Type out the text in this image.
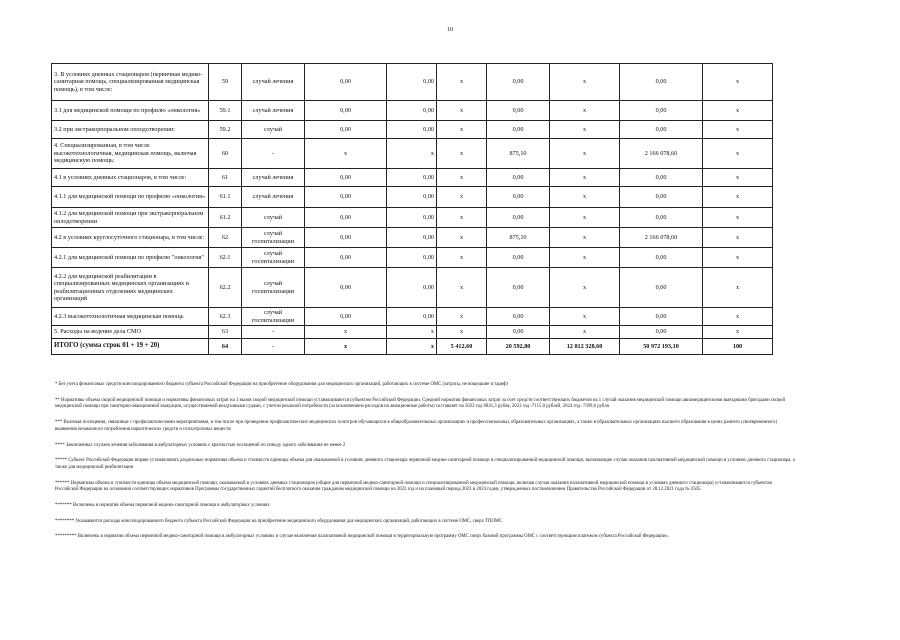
10
3. В условиях дневных стационаров (первичная медико-санитарная помощь, специализированная медицинская помощь), в том числе:	59	случай лечения	0,00	0,00	x	0,00	x	0,00	x
3.1 для медицинской помощи по профилю «онкология»	59.1	случай лечения	0,00	0,00	x	0,00	x	0,00	x
3.2 при экстракорпоральном оплодотворении:	59.2	случай	0,00	0,00	x	0,00	x	0,00	x
4. Специализированная, в том числе высокотехнологичная, медицинская помощь, включая медицинскую помощь:	60	-	x	x	x	875,10	x	2 166 078,60	x
4.1 в условиях дневных стационаров, в том числе:	61	случай лечения	0,00	0,00	x	0,00	x	0,00	x
4.1.1 для медицинской помощи по профилю «онкология»	61.1	случай лечения	0,00	0,00	x	0,00	x	0,00	x
4.1.2 для медицинской помощи при экстракорпоральном оплодотворении	61.2	случай	0,00	0,00	x	0,00	x	0,00	x
4.2 в условиях круглосуточного стационара, в том числе:	62	случай госпитализации	0,00	0,00	x	875,10	x	2 166 078,60	x
4.2.1 для медицинской помощи по профилю "онкология"	62.1	случай госпитализации	0,00	0,00	x	0,00	x	0,00	x
4.2.2 для медицинской реабилитации в специализированных медицинских организациях и реабилитационных отделениях медицинских организаций	62.2	случай госпитализации	0,00	0,00	x	0,00	x	0,00	x
4.2.3 высокотехнологичная медицинская помощь	62.3	случай госпитализации	0,00	0,00	x	0,00	x	0,00	x
5. Расходы на ведение дела СМО	63	-	x	x	x	0,00	x	0,00	x
ИТОГО (сумма строк 01 + 19 + 20)	64	-	x	x	5 412,60	20 592,80	12 812 328,60	50 972 193,10	100
* Без учета финансовых средств консолидированного бюджета субъекта Российской Федерации на приобретение оборудования для медицинских организаций, работающих в системе ОМС (затраты, не вошедшие в тариф)
** Нормативы объема скорой медицинской помощи и нормативы финансовых затрат на 1 вызов скорой медицинской помощи устанавливаются субъектом Российской Федерации. Средний норматив финансовых затрат за счет средств соответствующих бюджетов на 1 случай оказания медицинской помощи авиамедицинскими выездными бригадами скорой медицинской помощи при санитарно-авиационной эвакуации, осуществляемой воздушными судами, с учетом реальной потребности (за исключением расходов на авиационные работы) составляет на 2022 год 6841,3 рубля, 2023 год -7115,0 рублей, 2024 год -7399,6 рубля
*** Включая посещения, связанные с профилактическими мероприятиями, в том числе при проведении профилактических медицинских осмотров обучающихся в общеобразовательных организациях и профессиональных образовательных организациях, а также в образовательных организациях высшего образования в целях раннего (своевременного) выявления незаконного потребления наркотических средств и психотропных веществ
**** Законченных случаев лечения заболевания в амбулаторных условиях с кратностью посещений по поводу одного заболевания не менее 2
***** Субъект Российской Федерации вправе устанавливать раздельные нормативы объема и стоимости единицы объема для оказываемой в условиях дневного стационара первичной медико-санитарной помощи и специализированной медицинской помощи, включающие случаи оказания паллиативной медицинской помощи в условиях дневного стационара, а также для медицинской реабилитации
****** Нормативы объема и стоимости единицы объема медицинской помощи, оказываемой в условиях дневных стационаров (общие для первичной медико-санитарной помощи и специализированной медицинской помощи, включая случаи оказания паллиативной медицинской помощи в условиях дневного стационара) устанавливаются субъектом Российской Федерации на основании соответствующих нормативов Программы государственных гарантий бесплатного оказания гражданам медицинской помощи на 2022 год и на плановый период 2023 и 2024 годов, утвержденных постановлением Правительства Российской Федерации от 28.12.2021 года № 2505.
******* Включены в норматив объема первичной медико-санитарной помощи в амбулаторных условиях
******** Указываются расходы консолидированного бюджета субъекта Российской Федерации на приобретение медицинского оборудования для медицинских организаций, работающих в системе ОМС, сверх ТПОМС
********* Включены в норматив объема первичной медико-санитарной помощи в амбулаторных условиях и случае включения паллиативной медицинской помощи в территориальную программу ОМС сверх базовой программы ОМС с соответствующим платежом субъекта Российской Федерации».
